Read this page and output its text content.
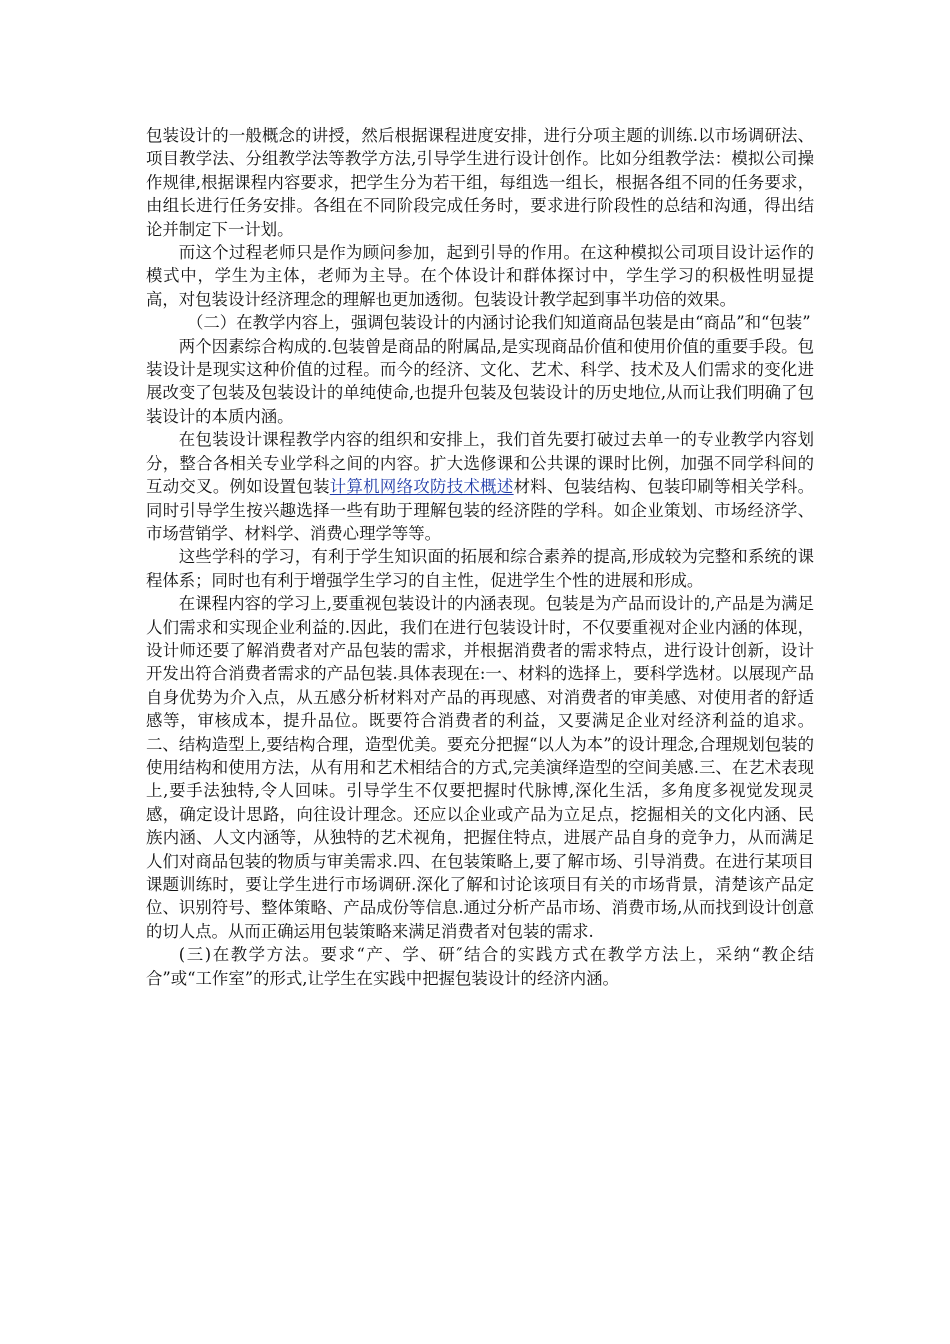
包装设计的一般概念的讲授，然后根据课程进度安排，进行分项主题的训练.以市场调研法、项目教学法、分组教学法等教学方法,引导学生进行设计创作。比如分组教学法：模拟公司操作规律,根据课程内容要求，把学生分为若干组，每组选一组长，根据各组不同的任务要求，由组长进行任务安排。各组在不同阶段完成任务时，要求进行阶段性的总结和沟通，得出结论并制定下一计划。

而这个过程老师只是作为顾问参加，起到引导的作用。在这种模拟公司项目设计运作的模式中，学生为主体，老师为主导。在个体设计和群体探讨中，学生学习的积极性明显提高，对包装设计经济理念的理解也更加透彻。包装设计教学起到事半功倍的效果。

（二）在教学内容上，强调包装设计的内涵讨论我们知道商品包装是由“商品”和“包装”

两个因素综合构成的.包装曾是商品的附属品,是实现商品价值和使用价值的重要手段。包装设计是现实这种价值的过程。而今的经济、文化、艺术、科学、技术及人们需求的变化进展改变了包装及包装设计的单纯使命,也提升包装及包装设计的历史地位,从而让我们明确了包装设计的本质内涵。

在包装设计课程教学内容的组织和安排上，我们首先要打破过去单一的专业教学内容划分，整合各相关专业学科之间的内容。扩大选修课和公共课的课时比例，加强不同学科间的互动交叉。例如设置包装计算机网络攻防技术概述材料、包装结构、包装印刷等相关学科。同时引导学生按兴趣选择一些有助于理解包装的经济陛的学科。如企业策划、市场经济学、市场营销学、材料学、消费心理学等等。

这些学科的学习，有利于学生知识面的拓展和综合素养的提高,形成较为完整和系统的课程体系；同时也有利于增强学生学习的自主性，促进学生个性的进展和形成。

在课程内容的学习上,要重视包装设计的内涵表现。包装是为产品而设计的,产品是为满足人们需求和实现企业利益的.因此，我们在进行包装设计时，不仅要重视对企业内涵的体现，设计师还要了解消费者对产品包装的需求，并根据消费者的需求特点，进行设计创新，设计开发出符合消费者需求的产品包装.具体表现在:一、材料的选择上，要科学选材。以展现产品自身优势为介入点，从五感分析材料对产品的再现感、对消费者的审美感、对使用者的舒适感等，审核成本，提升品位。既要符合消费者的利益，又要满足企业对经济利益的追求。二、结构造型上,要结构合理，造型优美。要充分把握“以人为本”的设计理念,合理规划包装的使用结构和使用方法，从有用和艺术相结合的方式,完美演绎造型的空间美感.三、在艺术表现上,要手法独特,令人回味。引导学生不仅要把握时代脉博,深化生活，多角度多视觉发现灵感，确定设计思路，向往设计理念。还应以企业或产品为立足点，挖掘相关的文化内涵、民族内涵、人文内涵等，从独特的艺术视角，把握住特点，进展产品自身的竞争力，从而满足人们对商品包装的物质与审美需求.四、在包装策略上,要了解市场、引导消费。在进行某项目课题训练时，要让学生进行市场调研.深化了解和讨论该项目有关的市场背景，清楚该产品定位、识别符号、整体策略、产品成份等信息.通过分析产品市场、消费市场,从而找到设计创意的切人点。从而正确运用包装策略来满足消费者对包装的需求.

(三)在教学方法。要求“产、学、研″结合的实践方式在教学方法上，采纳“教企结合”或“工作室”的形式,让学生在实践中把握包装设计的经济内涵。
